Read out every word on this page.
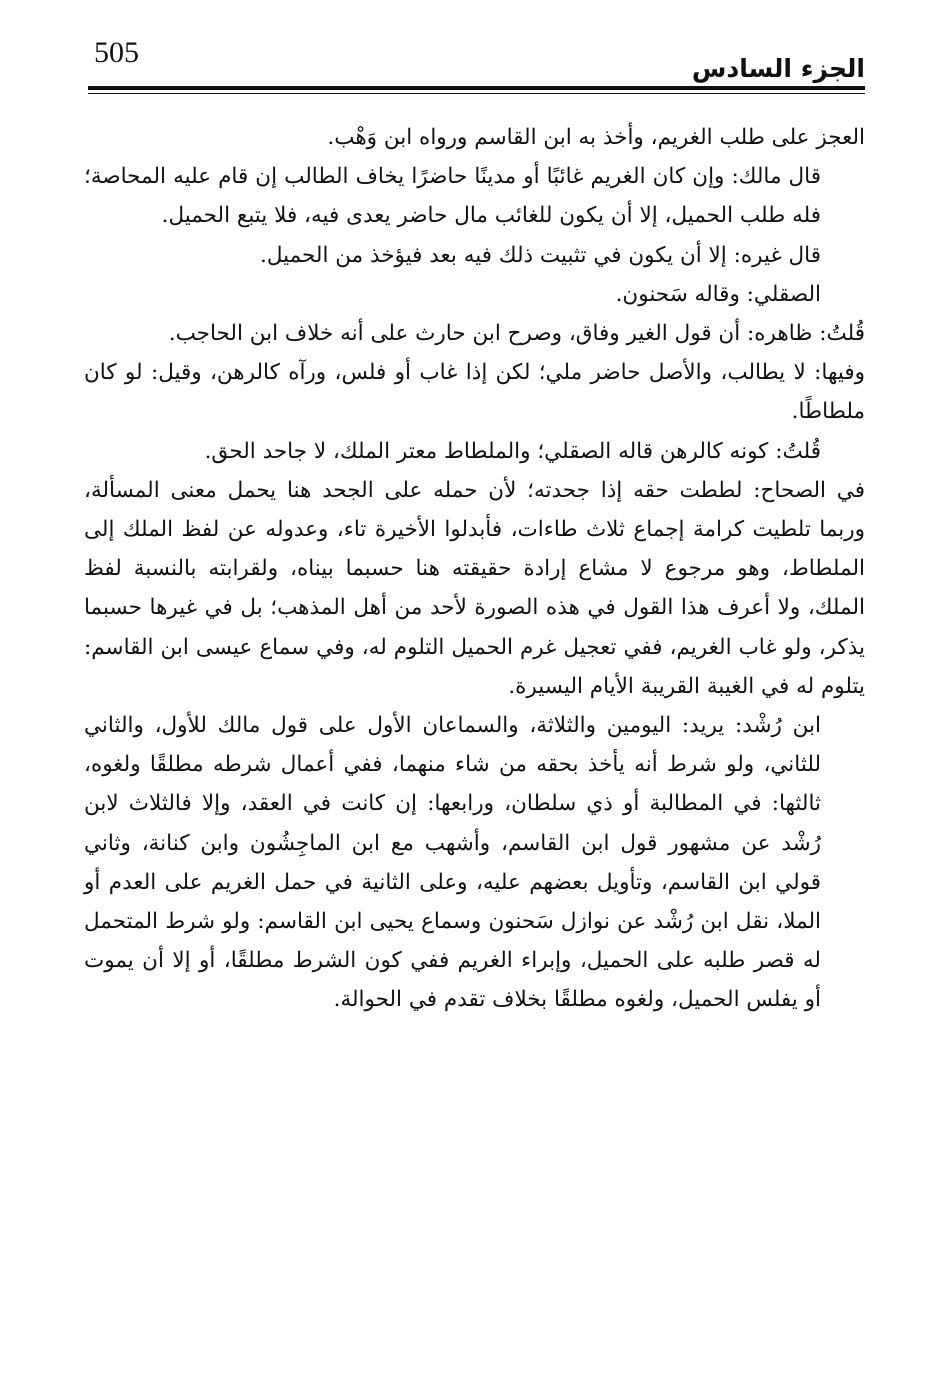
505	الجزء السادس

العجز على طلب الغريم، وأخذ به ابن القاسم ورواه ابن وَهْب.

قال مالك: وإن كان الغريم غائبًا أو مدينًا حاضرًا يخاف الطالب إن قام عليه المحاصة؛ فله طلب الحميل، إلا أن يكون للغائب مال حاضر يعدى فيه، فلا يتبع الحميل.

قال غيره: إلا أن يكون في تثبيت ذلك فيه بعد فيؤخذ من الحميل.

الصقلي: وقاله سَحنون.

قُلتُ: ظاهره: أن قول الغير وفاق، وصرح ابن حارث على أنه خلاف ابن الحاجب.

وفيها: لا يطالب، والأصل حاضر ملي؛ لكن إذا غاب أو فلس، ورآه كالرهن، وقيل: لو كان ملطاطًا.

قُلتُ: كونه كالرهن قاله الصقلي؛ والملطاط معتر الملك، لا جاحد الحق.

في الصحاح: لططت حقه إذا جحدته؛ لأن حمله على الجحد هنا يحمل معنى المسألة، وربما تلطيت كرامة إجماع ثلاث طاءات، فأبدلوا الأخيرة تاء، وعدوله عن لفظ الملك إلى الملطاط، وهو مرجوع لا مشاع إرادة حقيقته هنا حسبما بيناه، ولقرابته بالنسبة لفظ الملك، ولا أعرف هذا القول في هذه الصورة لأحد من أهل المذهب؛ بل في غيرها حسبما يذكر، ولو غاب الغريم، ففي تعجيل غرم الحميل التلوم له، وفي سماع عيسى ابن القاسم: يتلوم له في الغيبة القريبة الأيام اليسيرة.

ابن رُشْد: يريد: اليومين والثلاثة، والسماعان الأول على قول مالك للأول، والثاني للثاني، ولو شرط أنه يأخذ بحقه من شاء منهما، ففي أعمال شرطه مطلقًا ولغوه، ثالثها: في المطالبة أو ذي سلطان، ورابعها: إن كانت في العقد، وإلا فالثلاث لابن رُشْد عن مشهور قول ابن القاسم، وأشهب مع ابن الماجِشُون وابن كنانة، وثاني قولي ابن القاسم، وتأويل بعضهم عليه، وعلى الثانية في حمل الغريم على العدم أو الملا، نقل ابن رُشْد عن نوازل سَحنون وسماع يحيى ابن القاسم: ولو شرط المتحمل له قصر طلبه على الحميل، وإبراء الغريم ففي كون الشرط مطلقًا، أو إلا أن يموت أو يفلس الحميل، ولغوه مطلقًا بخلاف تقدم في الحوالة.
